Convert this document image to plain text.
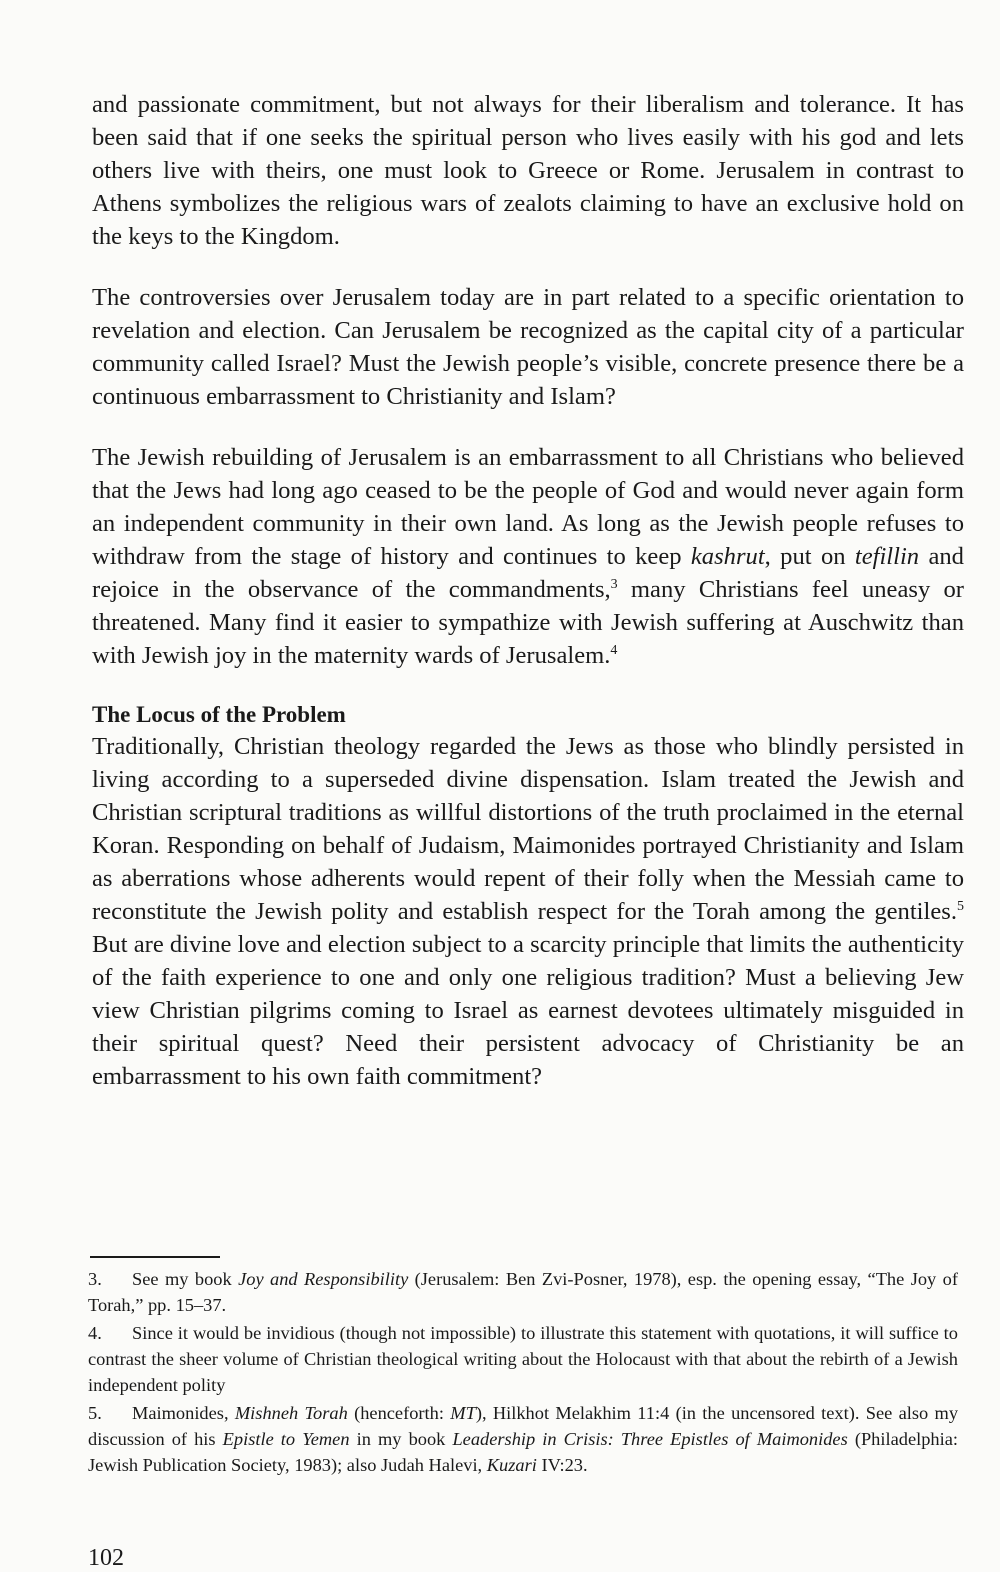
and passionate commitment, but not always for their liberalism and tolerance. It has been said that if one seeks the spiritual person who lives easily with his god and lets others live with theirs, one must look to Greece or Rome. Jerusalem in contrast to Athens symbolizes the religious wars of zealots claiming to have an exclusive hold on the keys to the Kingdom.

The controversies over Jerusalem today are in part related to a specific orientation to revelation and election. Can Jerusalem be recognized as the capital city of a particular community called Israel? Must the Jewish people’s visible, concrete presence there be a continuous embarrassment to Christianity and Islam?

The Jewish rebuilding of Jerusalem is an embarrassment to all Christians who believed that the Jews had long ago ceased to be the people of God and would never again form an independent community in their own land. As long as the Jewish people refuses to withdraw from the stage of history and continues to keep kashrut, put on tefillin and rejoice in the observance of the commandments,$^3$ many Christians feel uneasy or threatened. Many find it easier to sympathize with Jewish suffering at Auschwitz than with Jewish joy in the maternity wards of Jerusalem.$^4$

The Locus of the Problem

Traditionally, Christian theology regarded the Jews as those who blindly persisted in living according to a superseded divine dispensation. Islam treated the Jewish and Christian scriptural traditions as willful distortions of the truth proclaimed in the eternal Koran. Responding on behalf of Judaism, Maimonides portrayed Christianity and Islam as aberrations whose adherents would repent of their folly when the Messiah came to reconstitute the Jewish polity and establish respect for the Torah among the gentiles.$^5$ But are divine love and election subject to a scarcity principle that limits the authenticity of the faith experience to one and only one religious tradition? Must a believing Jew view Christian pilgrims coming to Israel as earnest devotees ultimately misguided in their spiritual quest? Need their persistent advocacy of Christianity be an embarrassment to his own faith commitment?

3. See my book Joy and Responsibility (Jerusalem: Ben Zvi-Posner, 1978), esp. the opening essay, “The Joy of Torah,” pp. 15–37.

4. Since it would be invidious (though not impossible) to illustrate this statement with quotations, it will suffice to contrast the sheer volume of Christian theological writing about the Holocaust with that about the rebirth of a Jewish independent polity

5. Maimonides, Mishneh Torah (henceforth: MT), Hilkhot Melakhim 11:4 (in the uncensored text). See also my discussion of his Epistle to Yemen in my book Leadership in Crisis: Three Epistles of Maimonides (Philadelphia: Jewish Publication Society, 1983); also Judah Halevi, Kuzari IV:23.

102
